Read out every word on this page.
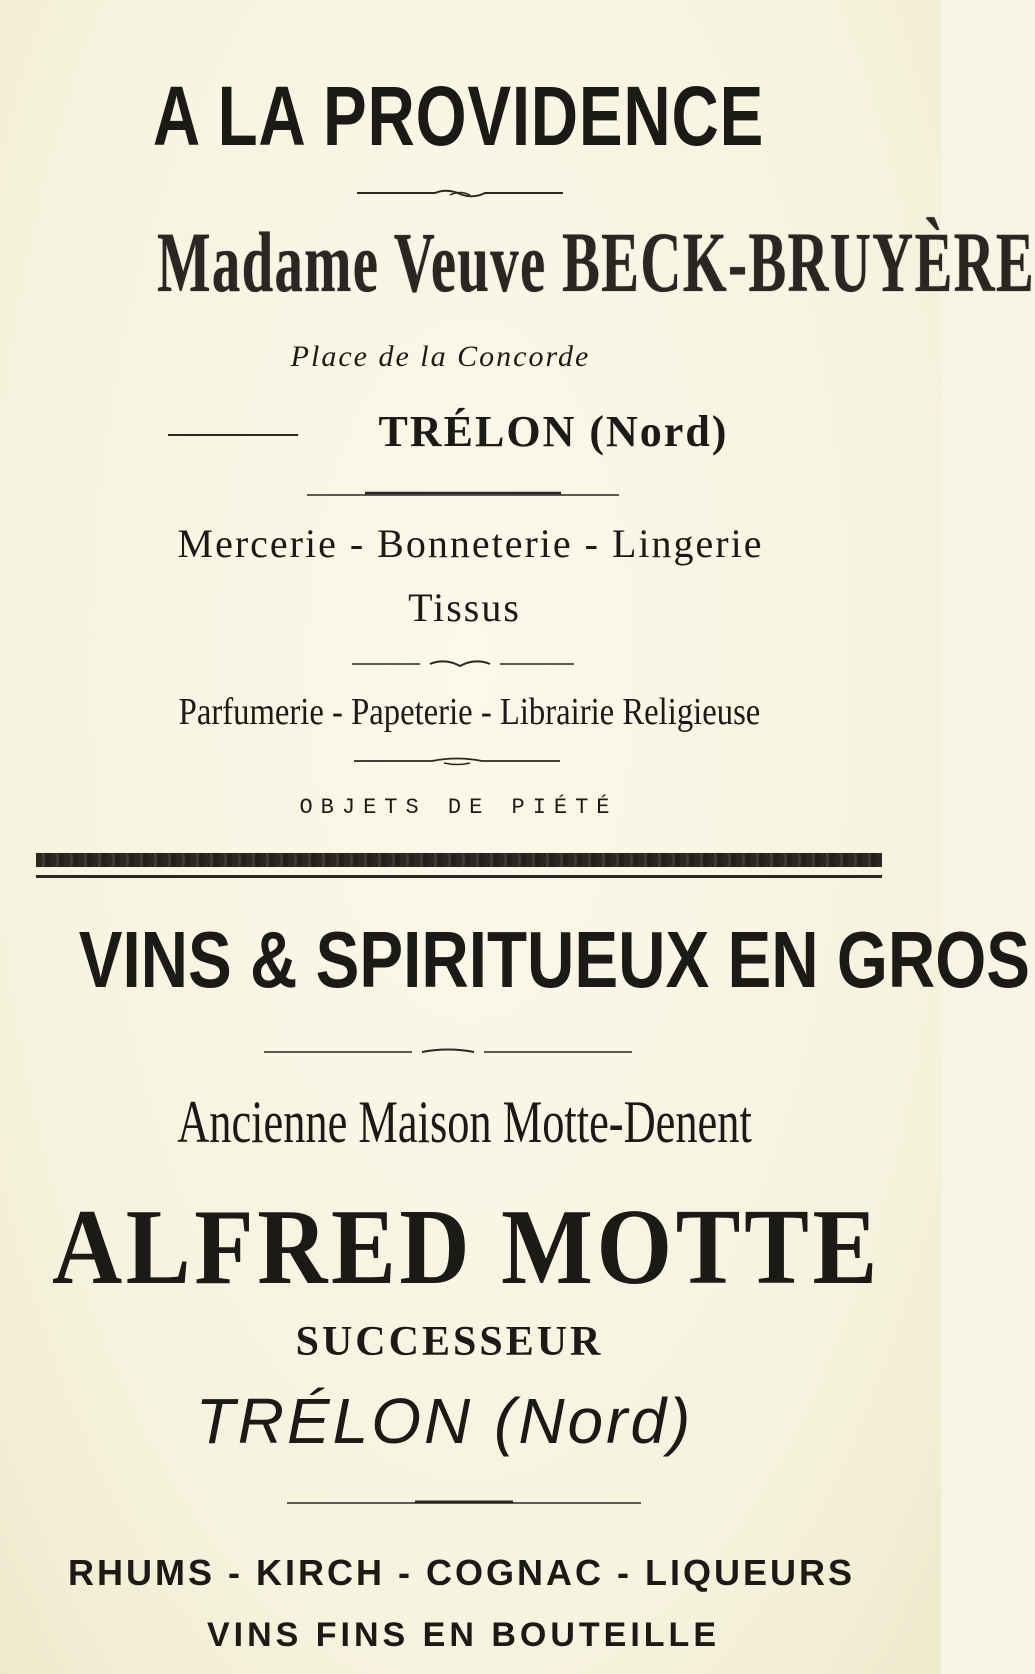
A LA PROVIDENCE
Madame Veuve BECK-BRUYÈRE
Place de la Concorde
TRÉLON (Nord)
Mercerie - Bonneterie - Lingerie
Tissus
Parfumerie - Papeterie - Librairie Religieuse
OBJETS DE PIÉTÉ
VINS & SPIRITUEUX EN GROS
Ancienne Maison Motte-Denent
ALFRED MOTTE
SUCCESSEUR
TRÉLON (Nord)
RHUMS - KIRCH - COGNAC - LIQUEURS
VINS FINS EN BOUTEILLE
